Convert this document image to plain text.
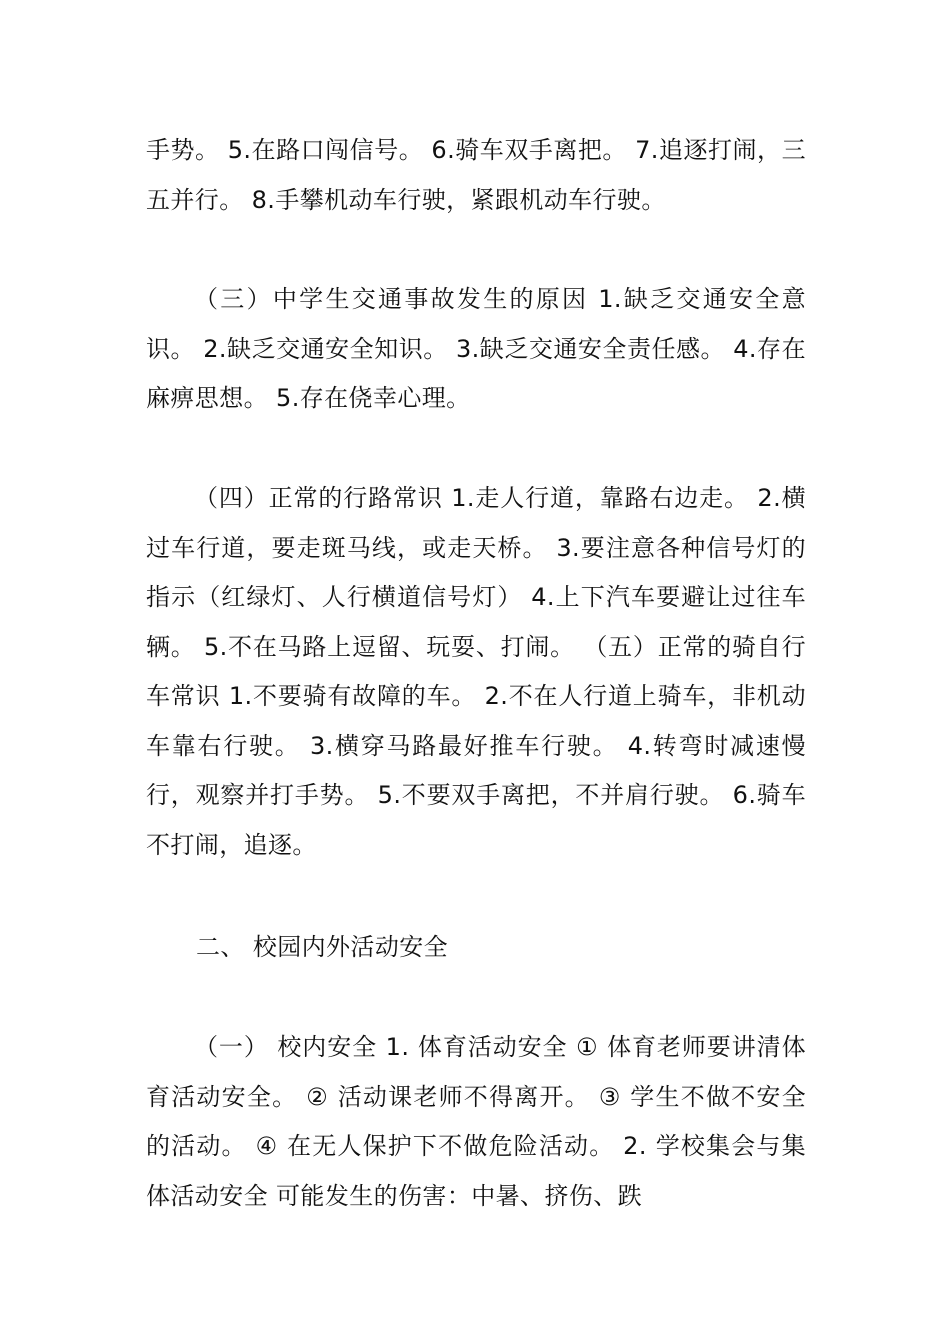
手势。 5.在路口闯信号。 6.骑车双手离把。 7.追逐打闹，三五并行。 8.手攀机动车行驶，紧跟机动车行驶。

（三）中学生交通事故发生的原因 1.缺乏交通安全意识。 2.缺乏交通安全知识。 3.缺乏交通安全责任感。 4.存在麻痹思想。 5.存在侥幸心理。

（四）正常的行路常识 1.走人行道，靠路右边走。 2.横过车行道，要走斑马线，或走天桥。 3.要注意各种信号灯的指示（红绿灯、人行横道信号灯） 4.上下汽车要避让过往车辆。 5.不在马路上逗留、玩耍、打闹。 （五）正常的骑自行车常识 1.不要骑有故障的车。 2.不在人行道上骑车，非机动车靠右行驶。 3.横穿马路最好推车行驶。 4.转弯时减速慢行，观察并打手势。 5.不要双手离把，不并肩行驶。 6.骑车不打闹，追逐。

二、 校园内外活动安全

（一） 校内安全 1. 体育活动安全 ① 体育老师要讲清体育活动安全。 ② 活动课老师不得离开。 ③ 学生不做不安全的活动。 ④ 在无人保护下不做危险活动。 2. 学校集会与集体活动安全 可能发生的伤害：中暑、挤伤、跌
